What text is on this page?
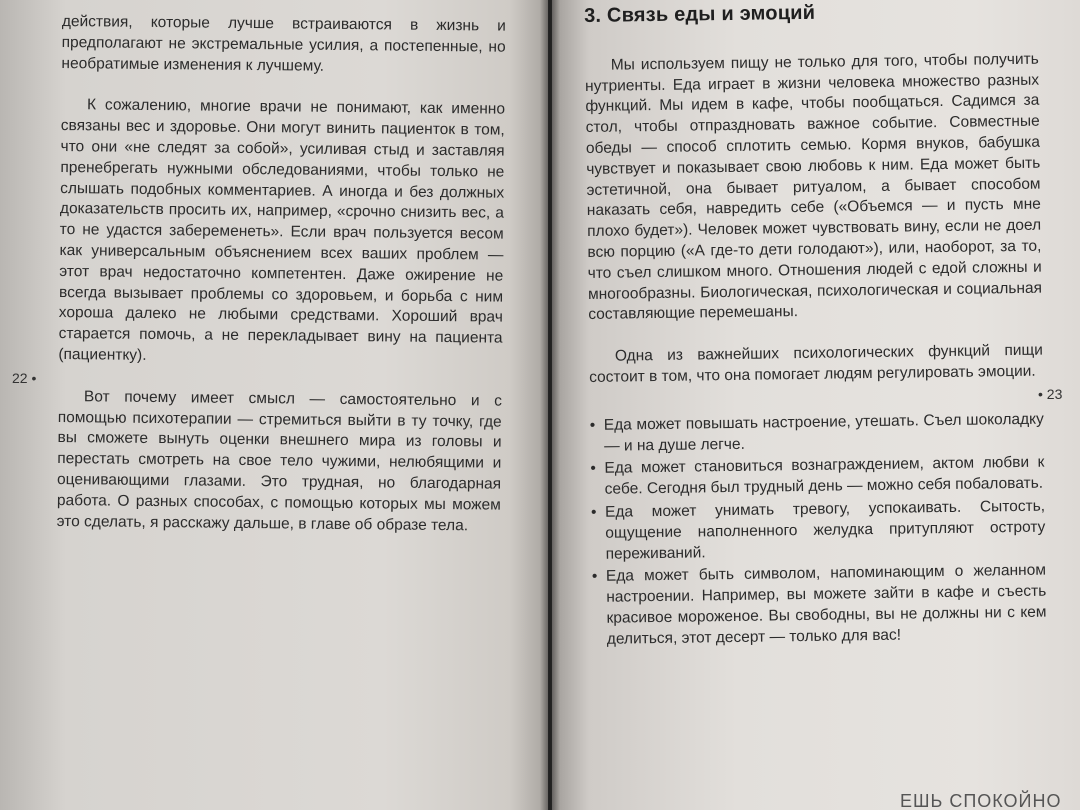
действия, которые лучше встраиваются в жизнь и предполагают не экстремальные усилия, а постепенные, но необратимые изменения к лучшему.

К сожалению, многие врачи не понимают, как именно связаны вес и здоровье. Они могут винить пациенток в том, что они «не следят за собой», усиливая стыд и заставляя пренебрегать нужными обследованиями, чтобы только не слышать подобных комментариев. А иногда и без должных доказательств просить их, например, «срочно снизить вес, а то не удастся забеременеть». Если врач пользуется весом как универсальным объяснением всех ваших проблем — этот врач недостаточно компетентен. Даже ожирение не всегда вызывает проблемы со здоровьем, и борьба с ним хороша далеко не любыми средствами. Хороший врач старается помочь, а не перекладывает вину на пациента (пациентку).

Вот почему имеет смысл — самостоятельно и с помощью психотерапии — стремиться выйти в ту точку, где вы сможете вынуть оценки внешнего мира из головы и перестать смотреть на свое тело чужими, нелюбящими и оценивающими глазами. Это трудная, но благодарная работа. О разных способах, с помощью которых мы можем это сделать, я расскажу дальше, в главе об образе тела.

22 •
3. Связь еды и эмоций

Мы используем пищу не только для того, чтобы получить нутриенты. Еда играет в жизни человека множество разных функций. Мы идем в кафе, чтобы пообщаться. Садимся за стол, чтобы отпраздновать важное событие. Совместные обеды — способ сплотить семью. Кормя внуков, бабушка чувствует и показывает свою любовь к ним. Еда может быть эстетичной, она бывает ритуалом, а бывает способом наказать себя, навредить себе («Объемся — и пусть мне плохо будет»). Человек может чувствовать вину, если не доел всю порцию («А где-то дети голодают»), или, наоборот, за то, что съел слишком много. Отношения людей с едой сложны и многообразны. Биологическая, психологическая и социальная составляющие перемешаны.

Одна из важнейших психологических функций пищи состоит в том, что она помогает людям регулировать эмоции.

• Еда может повышать настроение, утешать. Съел шоколадку — и на душе легче.
• Еда может становиться вознаграждением, актом любви к себе. Сегодня был трудный день — можно себя побаловать.
• Еда может унимать тревогу, успокаивать. Сытость, ощущение наполненного желудка притупляют остроту переживаний.
• Еда может быть символом, напоминающим о желанном настроении. Например, вы можете зайти в кафе и съесть красивое мороженое. Вы свободны, вы не должны ни с кем делиться, этот десерт — только для вас!
• 23
ЕШЬ СПОКОЙНО
